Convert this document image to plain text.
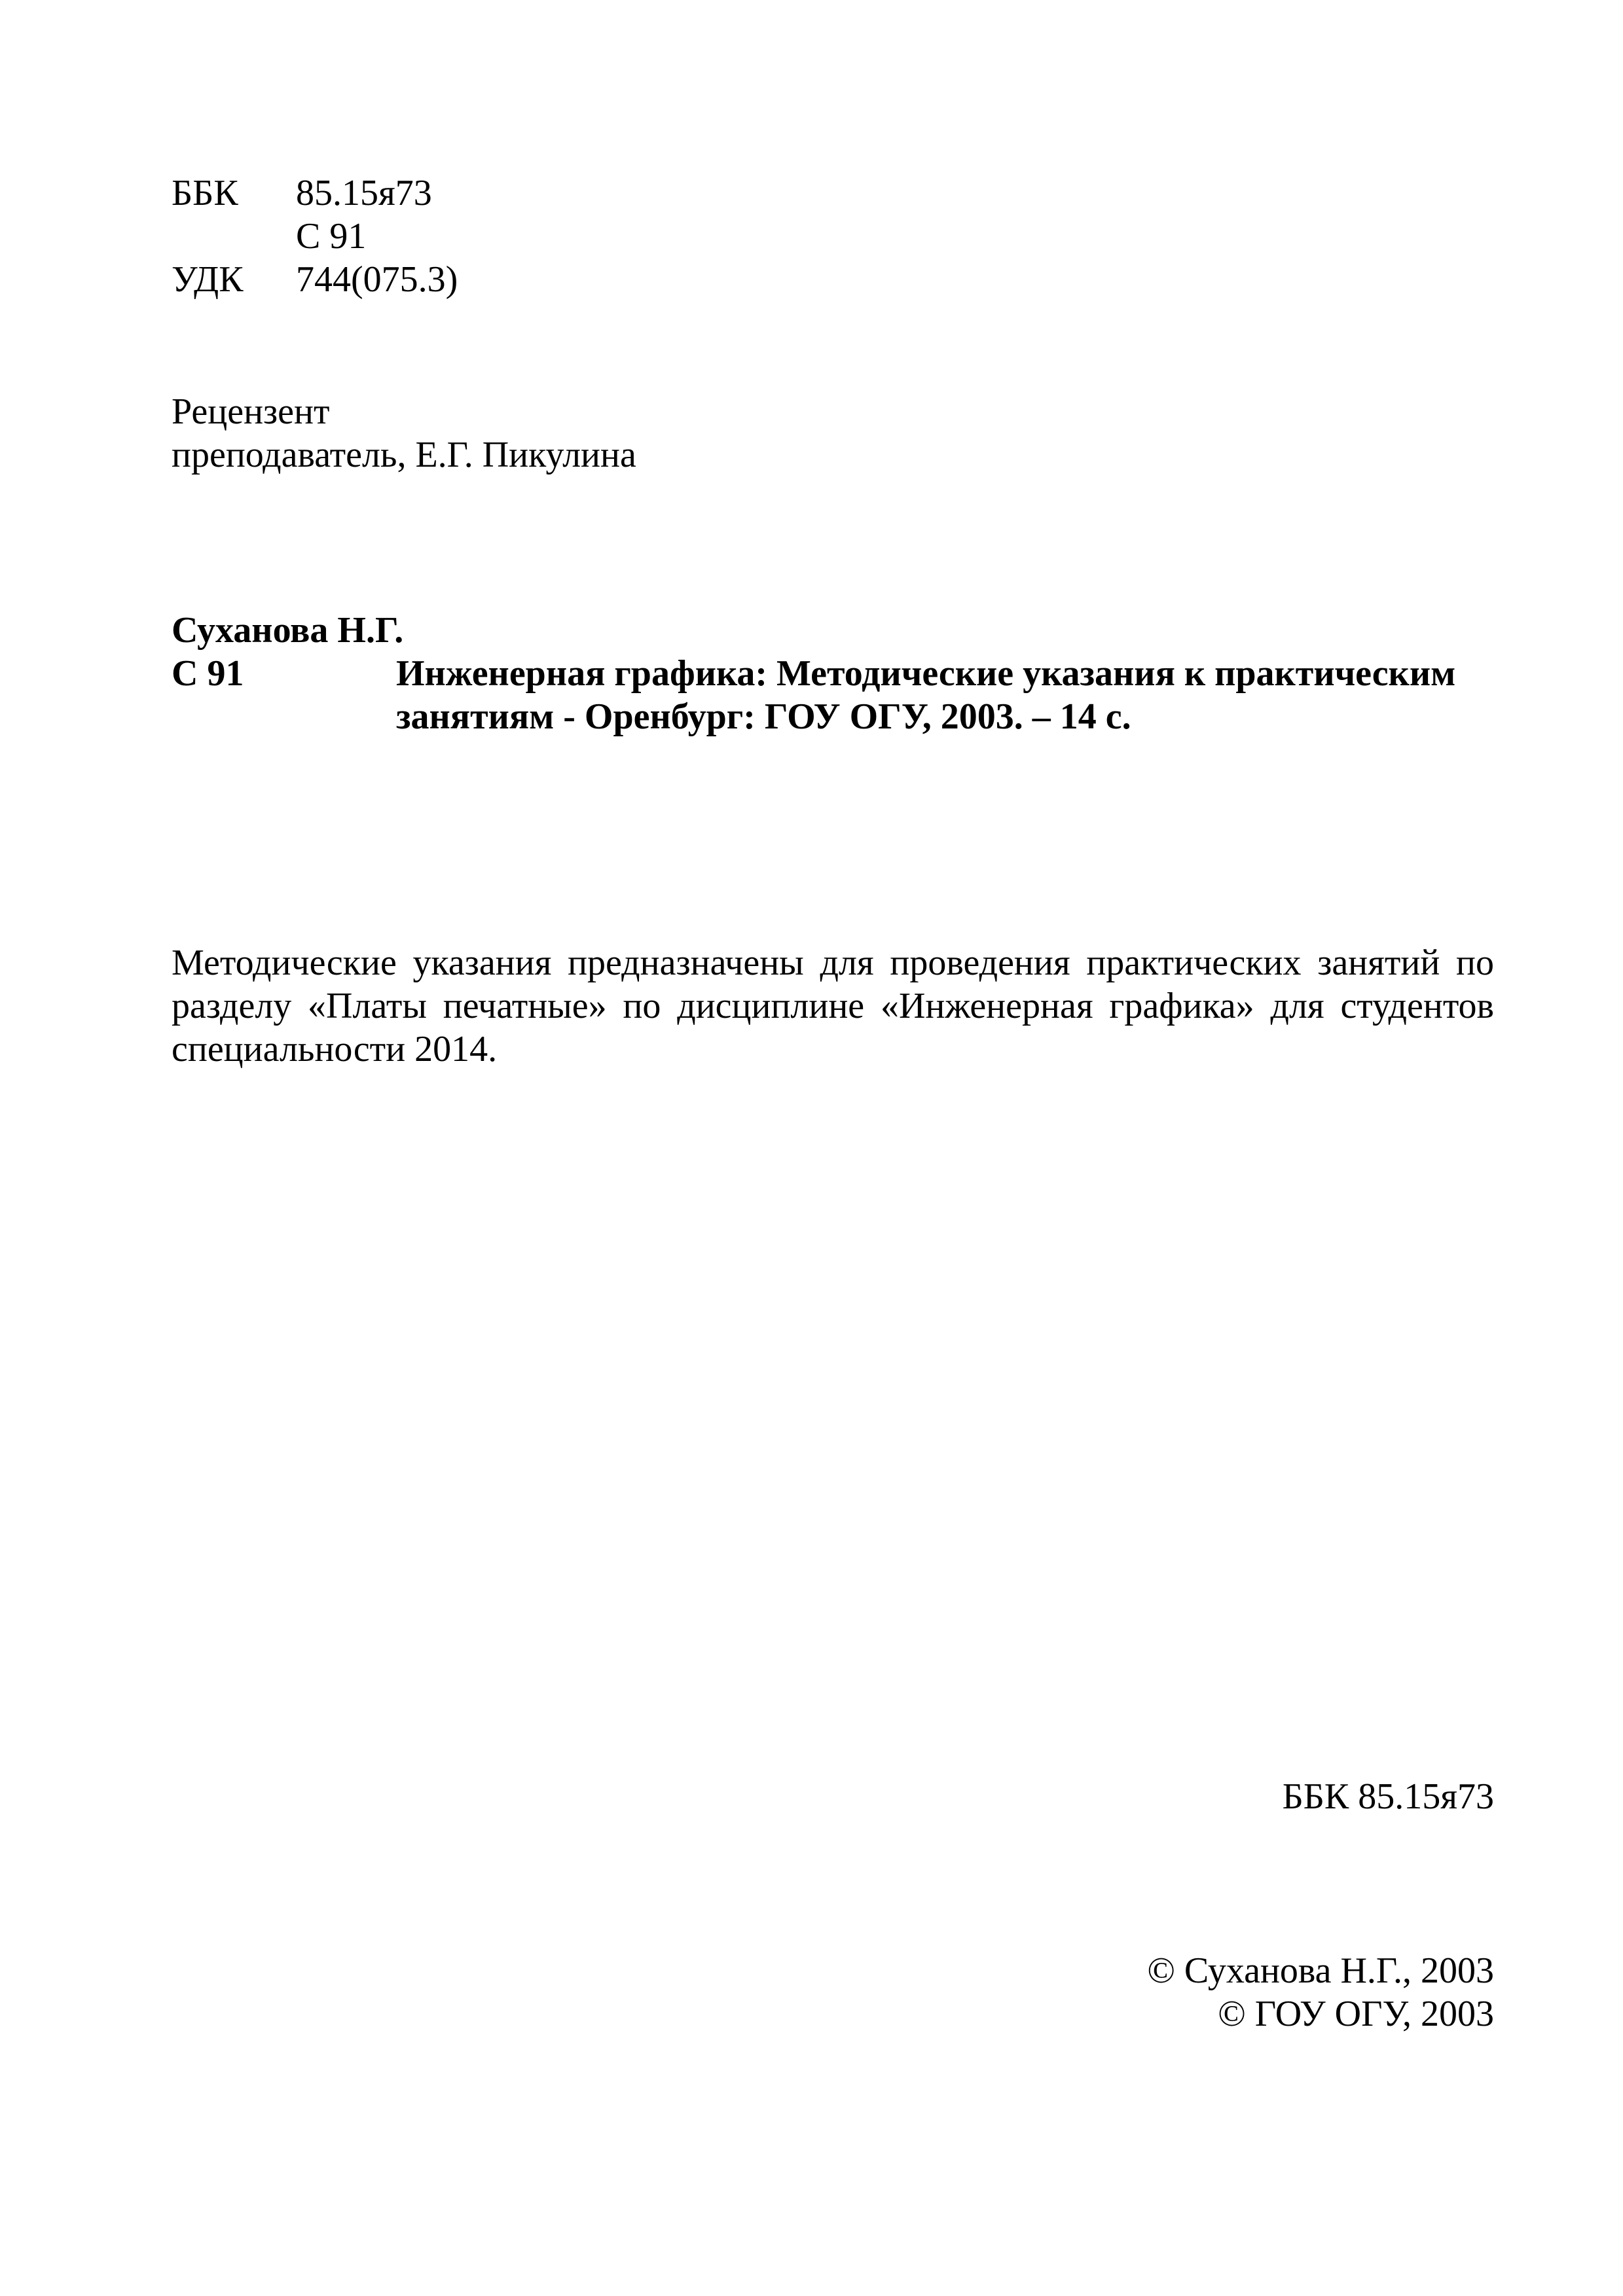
ББК 85.15я73
С 91
УДК 744(075.3)
Рецензент
преподаватель, Е.Г. Пикулина
Суханова Н.Г.
С 91	Инженерная графика: Методические указания к практическим
занятиям - Оренбург: ГОУ ОГУ, 2003. – 14 с.
Методические указания предназначены для проведения практических занятий по разделу «Платы печатные» по дисциплине «Инженерная графика» для студентов специальности 2014.
ББК 85.15я73
© Суханова Н.Г., 2003
© ГОУ ОГУ, 2003
